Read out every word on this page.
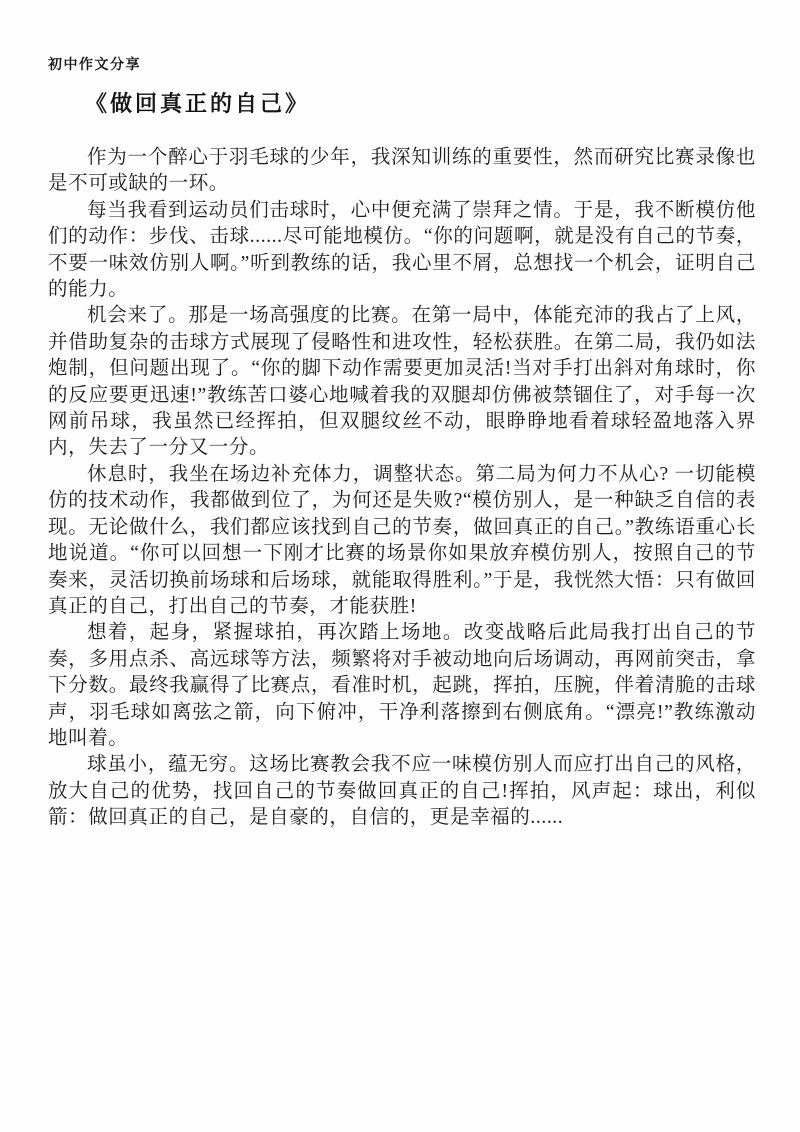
初中作文分享
《做回真正的自己》

作为一个醉心于羽毛球的少年，我深知训练的重要性，然而研究比赛录像也是不可或缺的一环。

每当我看到运动员们击球时，心中便充满了崇拜之情。于是，我不断模仿他们的动作：步伐、击球......尽可能地模仿。“你的问题啊，就是没有自己的节奏，不要一味效仿别人啊。”听到教练的话，我心里不屑，总想找一个机会，证明自己的能力。

机会来了。那是一场高强度的比赛。在第一局中，体能充沛的我占了上风，并借助复杂的击球方式展现了侵略性和进攻性，轻松获胜。在第二局，我仍如法炮制，但问题出现了。“你的脚下动作需要更加灵活!当对手打出斜对角球时，你的反应要更迅速!”教练苦口婆心地喊着我的双腿却仿佛被禁锢住了，对手每一次网前吊球，我虽然已经挥拍，但双腿纹丝不动，眼睁睁地看着球轻盈地落入界内，失去了一分又一分。

休息时，我坐在场边补充体力，调整状态。第二局为何力不从心? 一切能模仿的技术动作，我都做到位了，为何还是失败?“模仿别人，是一种缺乏自信的表现。无论做什么，我们都应该找到自己的节奏，做回真正的自己。”教练语重心长地说道。“你可以回想一下刚才比赛的场景你如果放弃模仿别人，按照自己的节奏来，灵活切换前场球和后场球，就能取得胜利。”于是，我恍然大悟：只有做回真正的自己，打出自己的节奏，才能获胜!

想着，起身，紧握球拍，再次踏上场地。改变战略后此局我打出自己的节奏，多用点杀、高远球等方法，频繁将对手被动地向后场调动，再网前突击，拿下分数。最终我赢得了比赛点，看准时机，起跳，挥拍，压腕，伴着清脆的击球声，羽毛球如离弦之箭，向下俯冲，干净利落擦到右侧底角。“漂亮!”教练激动地叫着。

球虽小，蕴无穷。这场比赛教会我不应一味模仿别人而应打出自己的风格，放大自己的优势，找回自己的节奏做回真正的自己!挥拍，风声起：球出，利似箭：做回真正的自己，是自豪的，自信的，更是幸福的......
